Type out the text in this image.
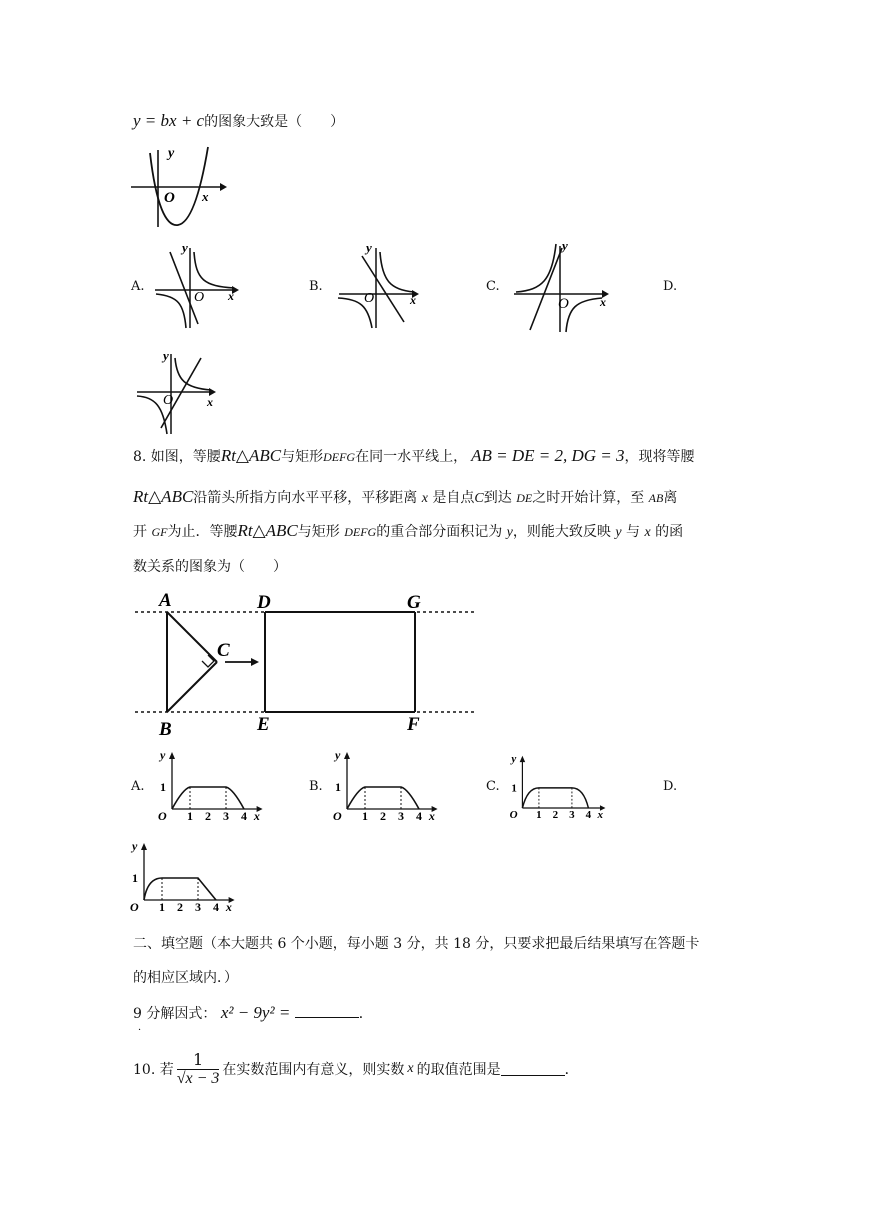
y = bx + c的图象大致是（　　）
y
O x
A.	B.	C.	D.
y
O x
y
O	x
y
O	x
y
O	x
8. 如图，等腰Rt△ABC与矩形DEFG在同一水平线上， AB = DE = 2, DG = 3，现将等腰
Rt△ABC沿箭头所指方向水平平移，平移距离 x 是自点C到达 DE之时开始计算，至 AB离
开 GF为止．等腰Rt△ABC与矩形 DEFG的重合部分面积记为 y，则能大致反映 y 与 x 的函
数关系的图象为（　　）
A
B
C
D
E	F
G
A.	B.	C.	D.
y
1
O 1 2 3 4 x
y
1
O 1 2 3 4 x
y
1
O 1 2 3 4 x
y
1
O 1 2 3 4 x
二、填空题（本大题共 6 个小题，每小题 3 分，共 18 分，只要求把最后结果填写在答题卡
的相应区域内．）
9 分解因式： x² − 9y² =	．
．
10. 若 $\frac{1}{√x - 3}$ 在实数范围内有意义，则实数 x 的取值范围是	．
